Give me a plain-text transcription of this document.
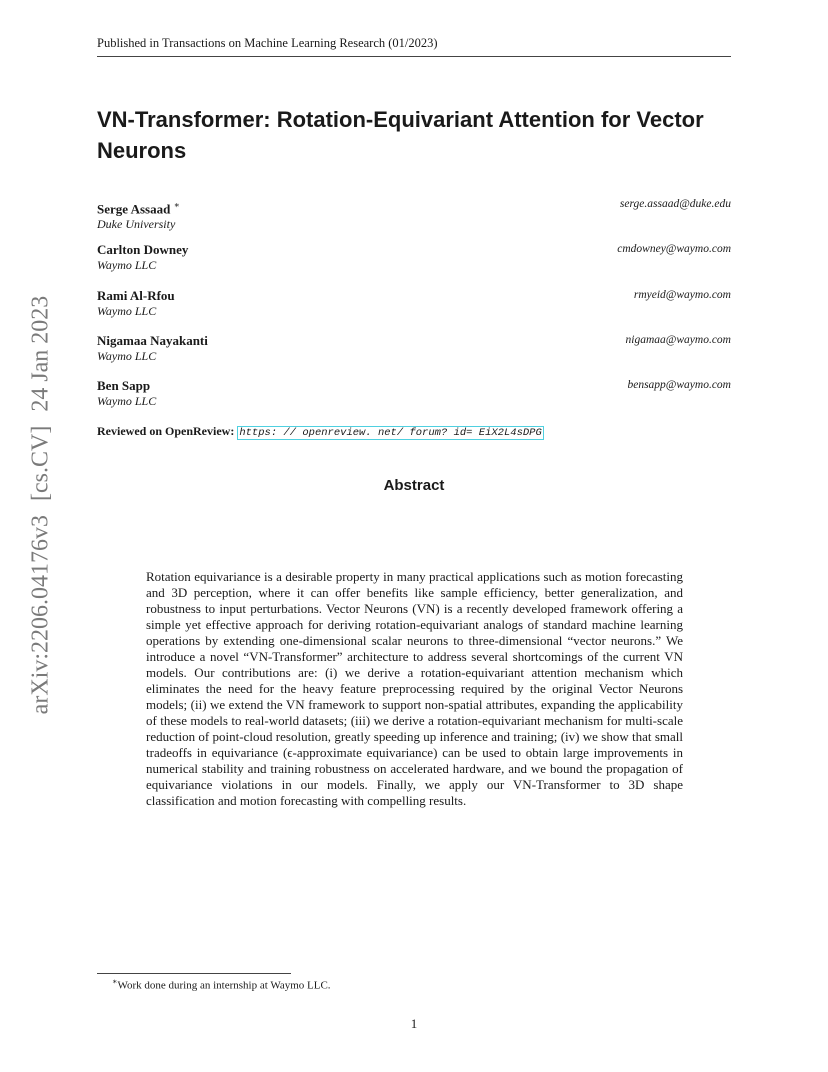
Published in Transactions on Machine Learning Research (01/2023)
VN-Transformer: Rotation-Equivariant Attention for Vector Neurons
Serge Assaad ∗
Duke University
serge.assaad@duke.edu
Carlton Downey
Waymo LLC
cmdowney@waymo.com
Rami Al-Rfou
Waymo LLC
rmyeid@waymo.com
Nigamaa Nayakanti
Waymo LLC
nigamaa@waymo.com
Ben Sapp
Waymo LLC
bensapp@waymo.com
Reviewed on OpenReview: https: // openreview. net/ forum? id= EiX2L4sDPG
Abstract

Rotation equivariance is a desirable property in many practical applications such as motion forecasting and 3D perception, where it can offer benefits like sample efficiency, better generalization, and robustness to input perturbations. Vector Neurons (VN) is a recently developed framework offering a simple yet effective approach for deriving rotation-equivariant analogs of standard machine learning operations by extending one-dimensional scalar neurons to three-dimensional “vector neurons.” We introduce a novel “VN-Transformer” architecture to address several shortcomings of the current VN models. Our contributions are: (i) we derive a rotation-equivariant attention mechanism which eliminates the need for the heavy feature preprocessing required by the original Vector Neurons models; (ii) we extend the VN framework to support non-spatial attributes, expanding the applicability of these models to real-world datasets; (iii) we derive a rotation-equivariant mechanism for multi-scale reduction of point-cloud resolution, greatly speeding up inference and training; (iv) we show that small tradeoffs in equivariance (ϵ-approximate equivariance) can be used to obtain large improvements in numerical stability and training robustness on accelerated hardware, and we bound the propagation of equivariance violations in our models. Finally, we apply our VN-Transformer to 3D shape classification and motion forecasting with compelling results.

arXiv:2206.04176v3[cs.CV]24 Jan 2023
∗Work done during an internship at Waymo LLC.
1
